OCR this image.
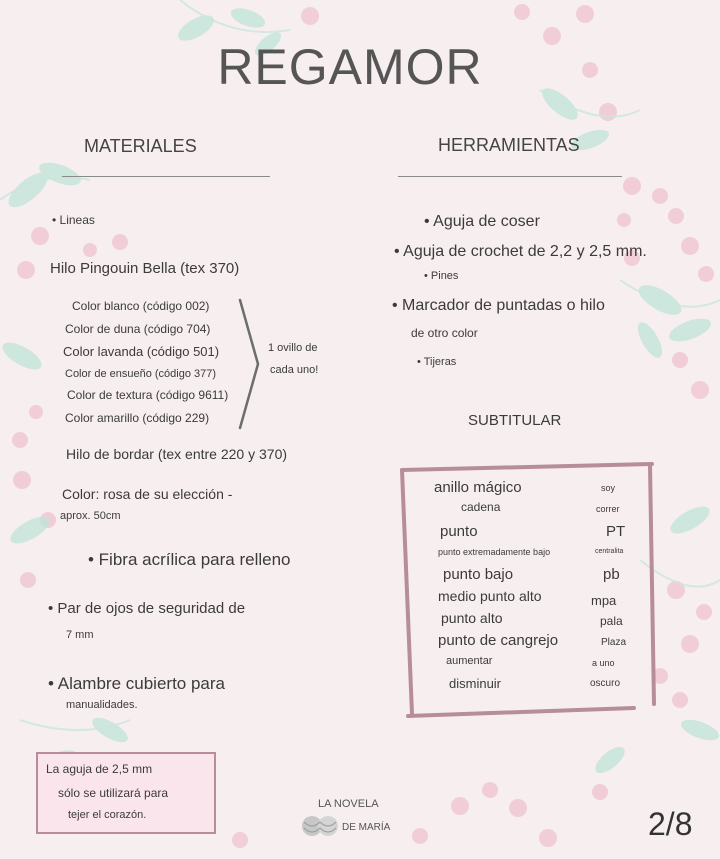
REGAMOR
MATERIALES
• Lineas
Hilo Pingouin Bella (tex 370)
Color blanco (código 002)
Color de duna (código 704)
Color lavanda (código 501)
Color de ensueño (código 377)
Color de textura (código 9611)
Color amarillo (código 229)
1 ovillo de
cada uno!
Hilo de bordar (tex entre 220 y 370)
Color: rosa de su elección -
aprox. 50cm
• Fibra acrílica para relleno
• Par de ojos de seguridad de
7 mm
• Alambre cubierto para
manualidades.
HERRAMIENTAS
• Aguja de coser
• Aguja de crochet de 2,2 y 2,5 mm.
• Pines
• Marcador de puntadas o hilo
de otro color
• Tijeras
SUBTITULAR
anillo mágico	soy
cadena	correr
punto	PT
punto extremadamente bajo	centralita
punto bajo	pb
medio punto alto	mpa
punto alto	pala
punto de cangrejo	Plaza
aumentar	a uno
disminuir	oscuro
La aguja de 2,5 mm
sólo se utilizará para
tejer el corazón.
LA NOVELA
DE MARÍA	2/8
